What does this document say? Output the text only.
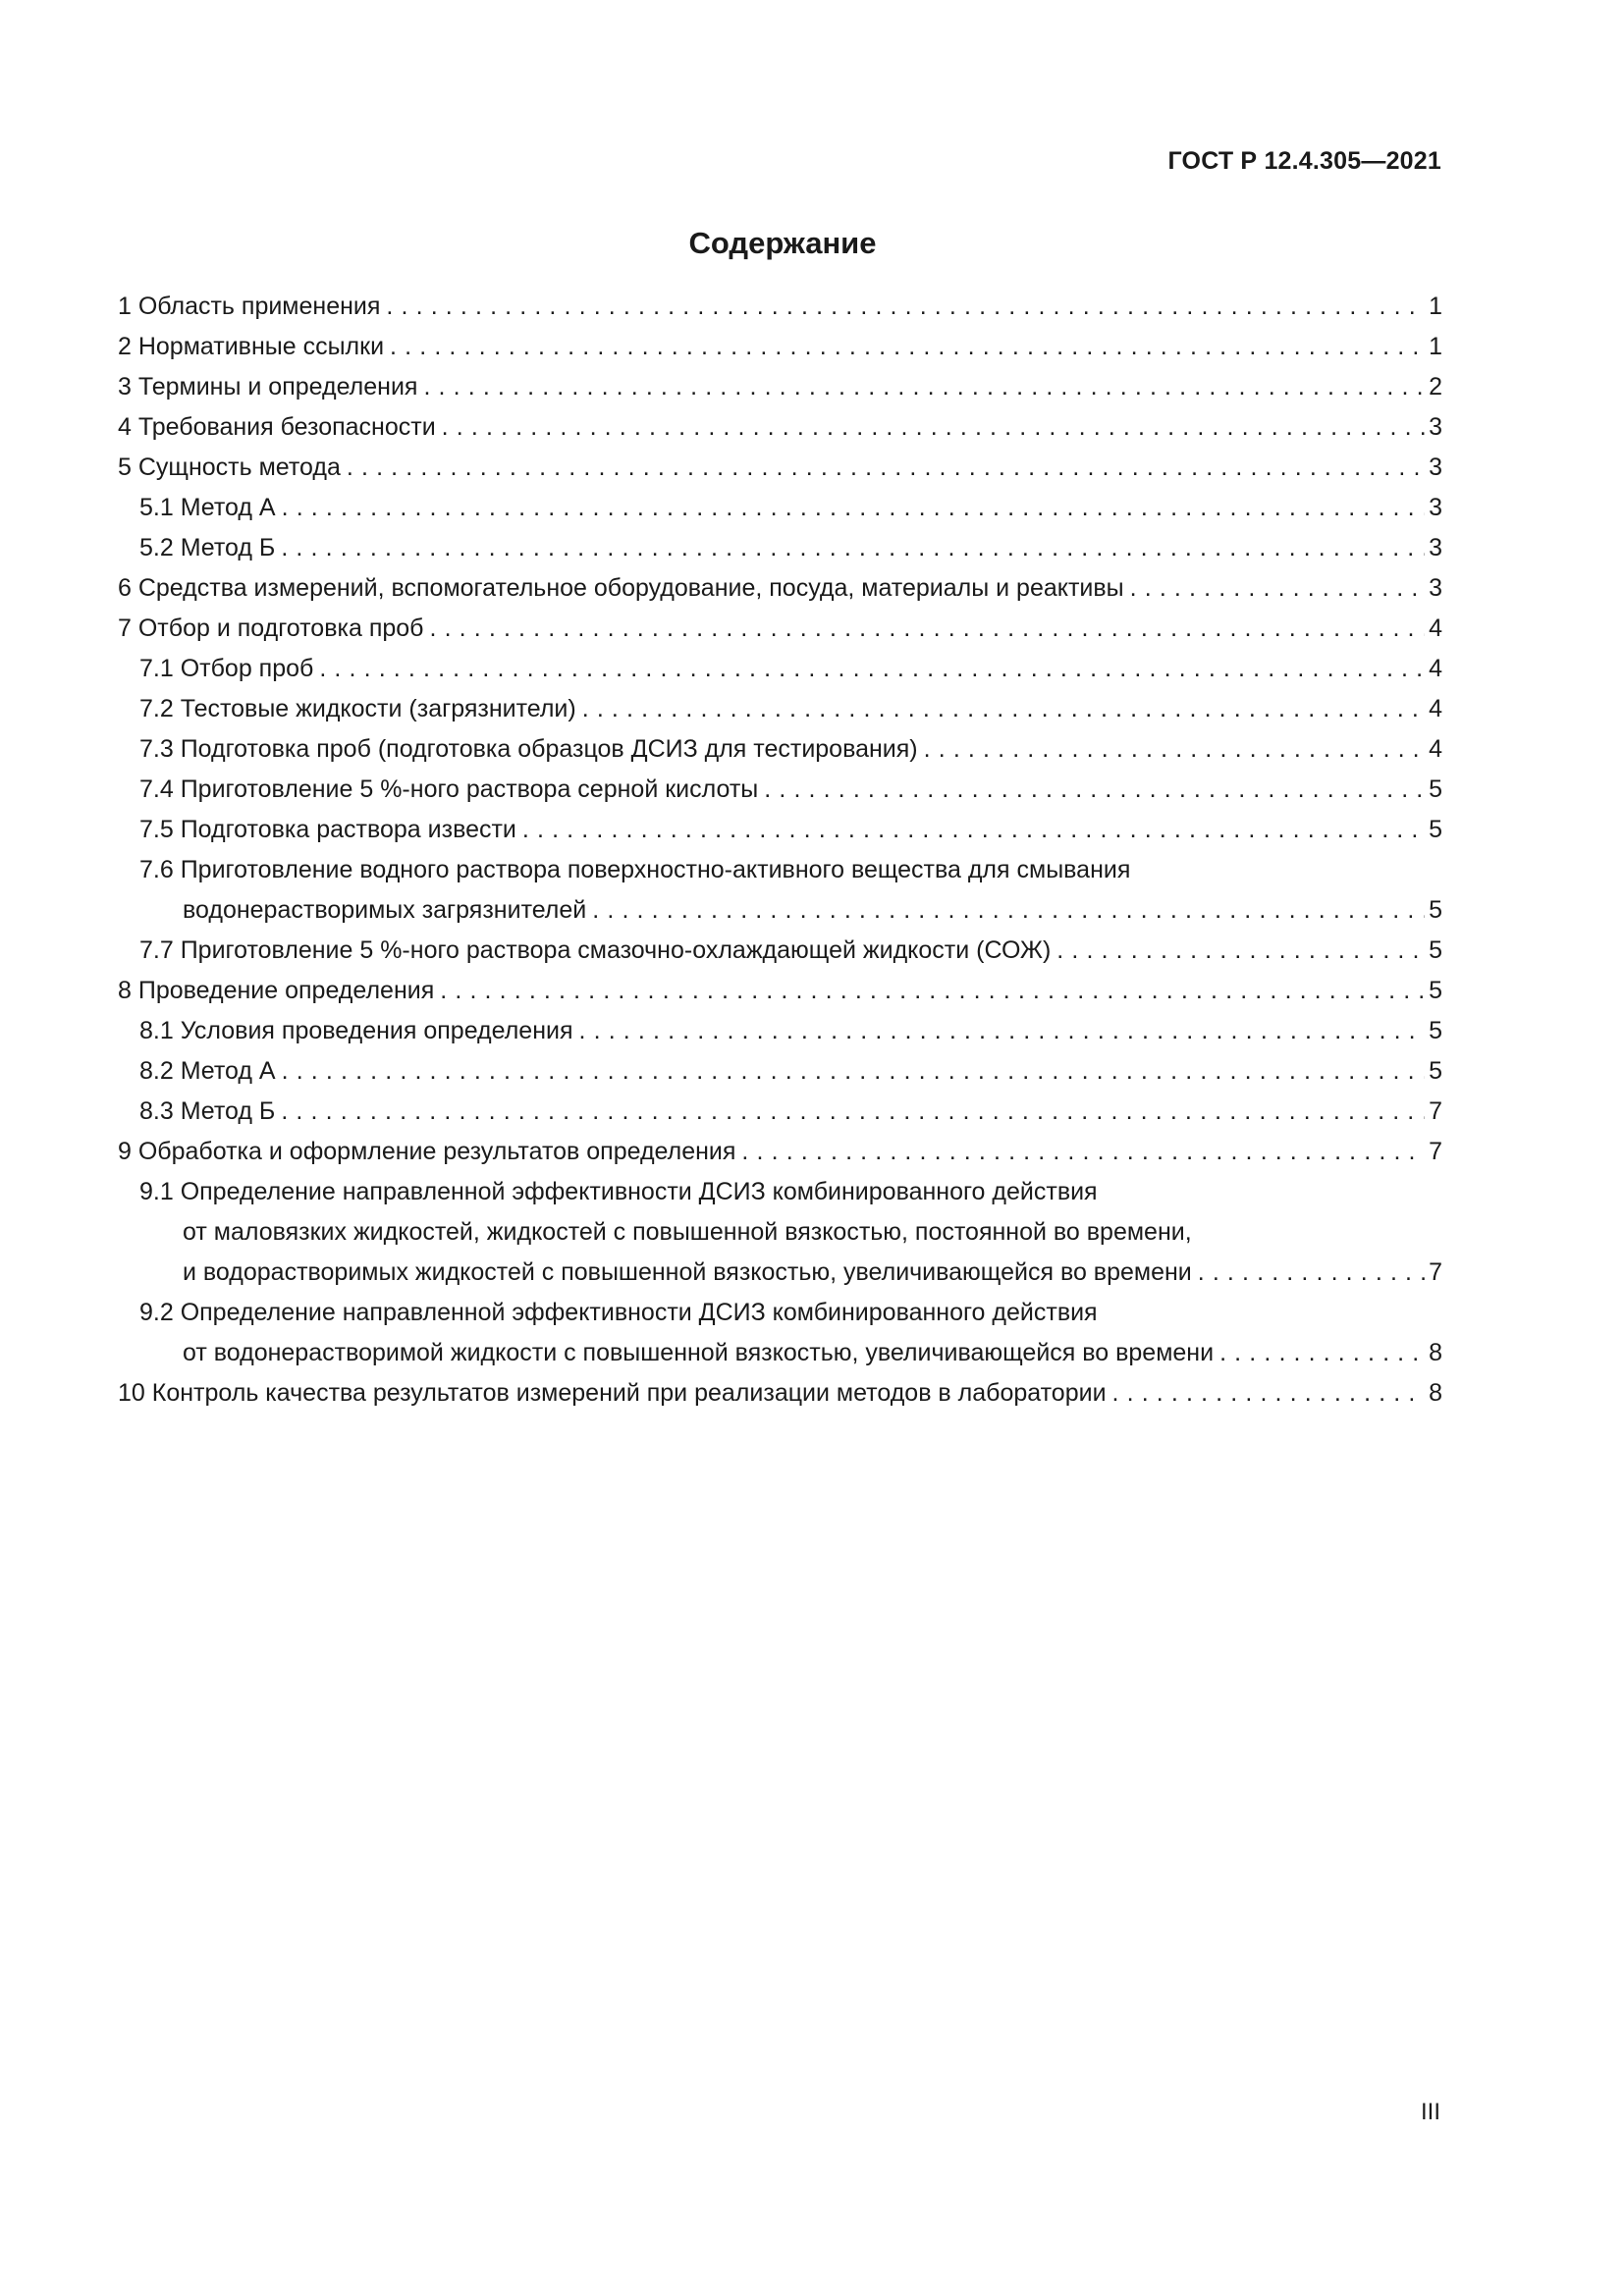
ГОСТ Р 12.4.305—2021
Содержание
1 Область применения . . .	1
2 Нормативные ссылки . . .	1
3 Термины и определения . . .	2
4 Требования безопасности . . .	3
5 Сущность метода . . .	3
5.1 Метод А . . .	3
5.2 Метод Б . . .	3
6 Средства измерений, вспомогательное оборудование, посуда, материалы и реактивы . . .	3
7 Отбор и подготовка проб . . .	4
7.1 Отбор проб . . .	4
7.2 Тестовые жидкости (загрязнители) . . .	4
7.3 Подготовка проб (подготовка образцов ДСИЗ для тестирования) . . .	4
7.4 Приготовление 5 %-ного раствора серной кислоты . . .	5
7.5 Подготовка раствора извести . . .	5
7.6 Приготовление водного раствора поверхностно-активного вещества для смывания
водонерастворимых загрязнителей . . .	5
7.7 Приготовление 5 %-ного раствора смазочно-охлаждающей жидкости (СОЖ) . . .	5
8 Проведение определения . . .	5
8.1 Условия проведения определения . . .	5
8.2 Метод А . . .	5
8.3 Метод Б . . .	7
9 Обработка и оформление результатов определения . . .	7
9.1 Определение направленной эффективности ДСИЗ комбинированного действия
от маловязких жидкостей, жидкостей с повышенной вязкостью, постоянной во времени,
и водорастворимых жидкостей с повышенной вязкостью, увеличивающейся во времени . . .	7
9.2 Определение направленной эффективности ДСИЗ комбинированного действия
от водонерастворимой жидкости с повышенной вязкостью, увеличивающейся во времени . . .	8
10 Контроль качества результатов измерений при реализации методов в лаборатории . . .	8
III
